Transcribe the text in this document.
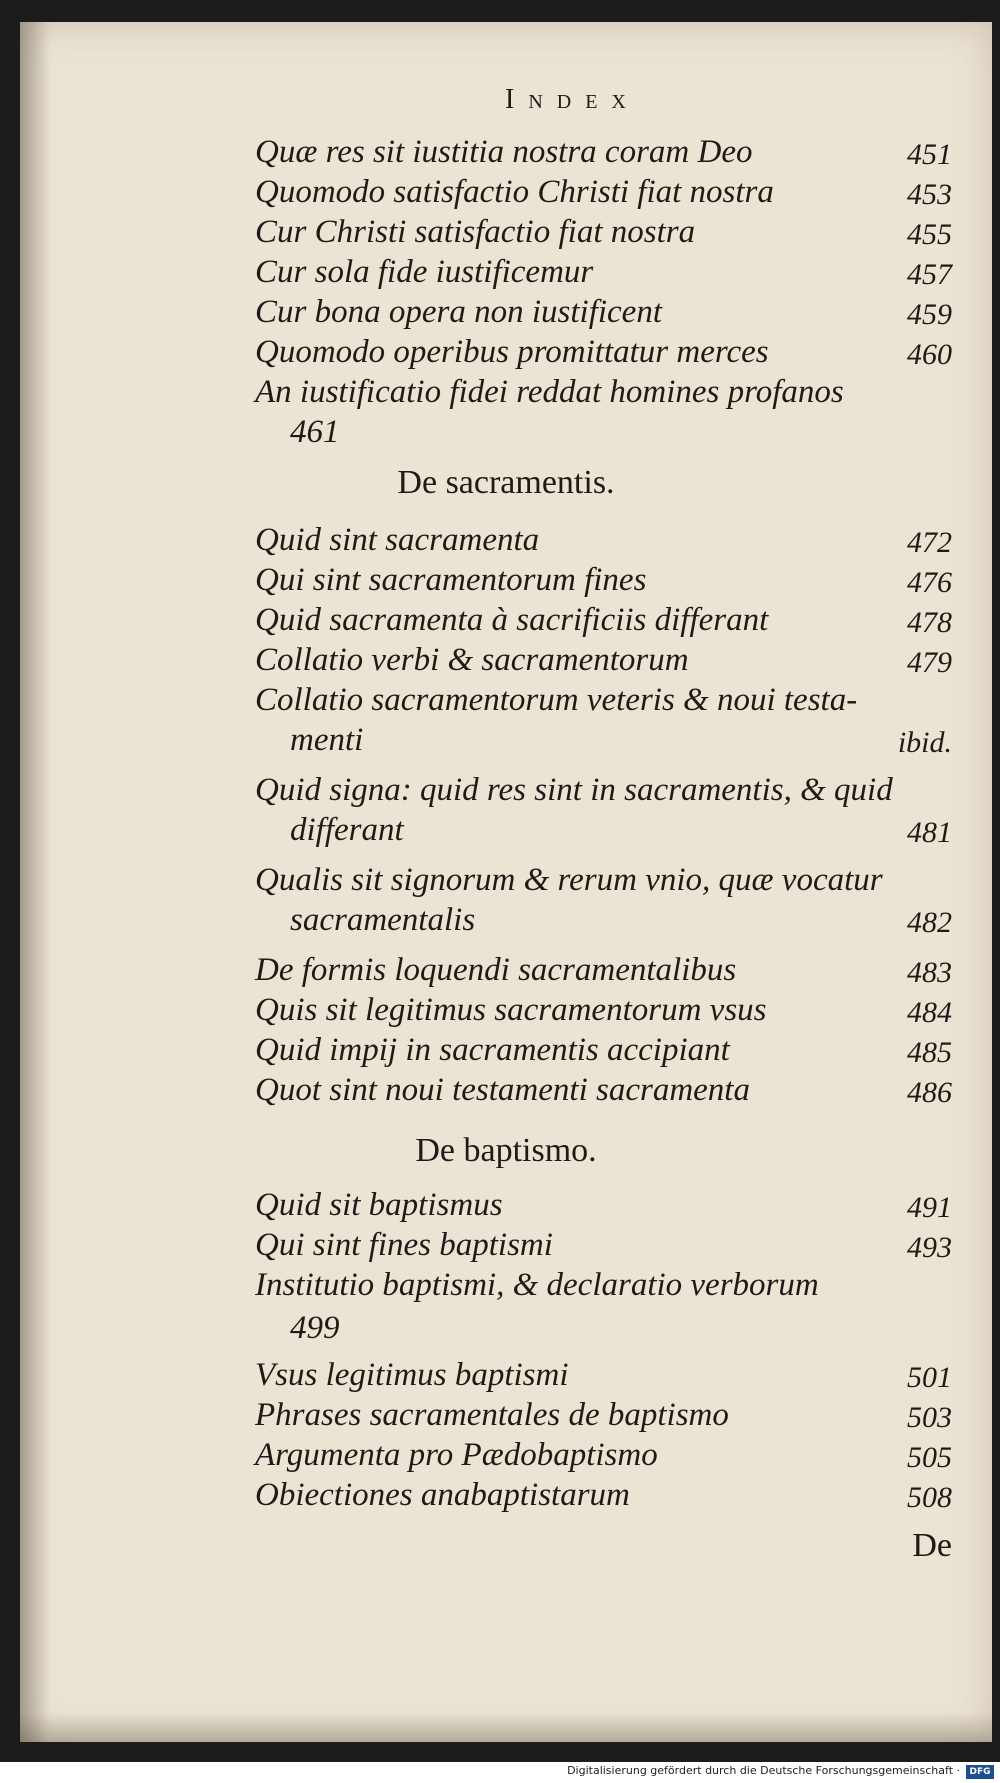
Index
Quæ res sit iustitia nostra coram Deo	451
Quomodo satisfactio Christi fiat nostra	453
Cur Christi satisfactio fiat nostra	455
Cur sola fide iustificemur	457
Cur bona opera non iustificent	459
Quomodo operibus promittatur merces	460
An iustificatio fidei reddat homines profanos
461
De sacramentis.
Quid sint sacramenta	472
Qui sint sacramentorum fines	476
Quid sacramenta à sacrificiis differant	478
Collatio verbi & sacramentorum	479
Collatio sacramentorum veteris & noui testa-
menti	ibid.
Quid signa: quid res sint in sacramentis, & quid
differant	481
Qualis sit signorum & rerum vnio, quæ vocatur
sacramentalis	482
De formis loquendi sacramentalibus	483
Quis sit legitimus sacramentorum vsus	484
Quid impij in sacramentis accipiant	485
Quot sint noui testamenti sacramenta	486
De baptismo.
Quid sit baptismus	491
Qui sint fines baptismi	493
Institutio baptismi, & declaratio verborum
499
Vsus legitimus baptismi	501
Phrases sacramentales de baptismo	503
Argumenta pro Pædobaptismo	505
Obiectiones anabaptistarum	508
De
Digitalisierung gefördert durch die Deutsche Forschungsgemeinschaft ·	DFG
